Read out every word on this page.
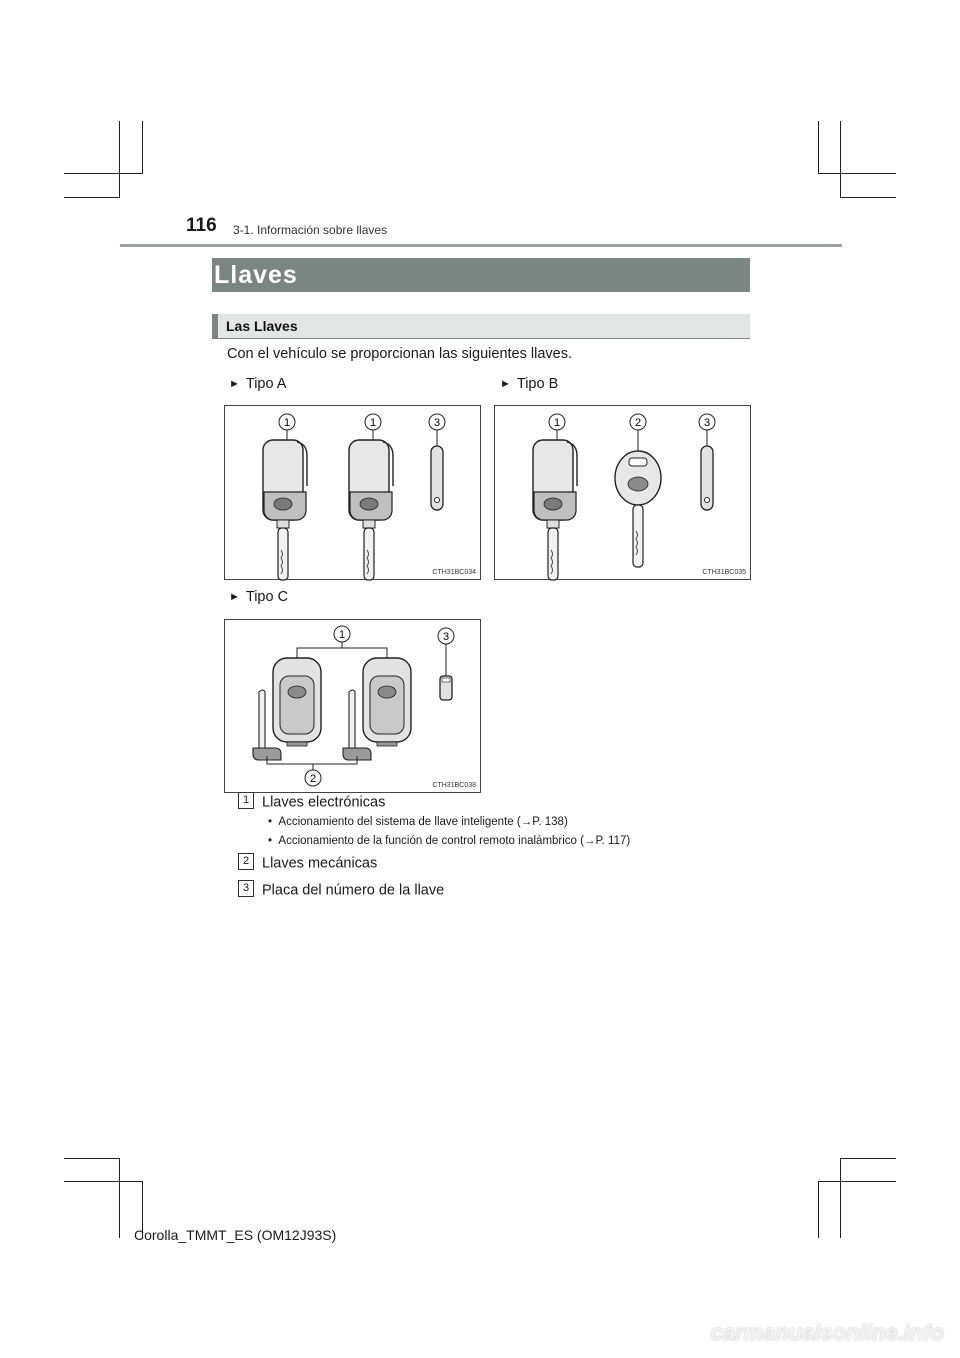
116 3-1. Información sobre llaves
Llaves
Las Llaves
Con el vehículo se proporcionan las siguientes llaves.
► Tipo A	► Tipo B
► Tipo C
1	1	3
CTH31BC034
1	2	3
CTH31BC035
1	3
2
CTH31BC038
1 Llaves electrónicas
• Accionamiento del sistema de llave inteligente (→P. 138)
• Accionamiento de la función de control remoto inalámbrico (→P. 117)
2 Llaves mecánicas
3 Placa del número de la llave
Corolla_TMMT_ES (OM12J93S)
carmanualsonline.info
